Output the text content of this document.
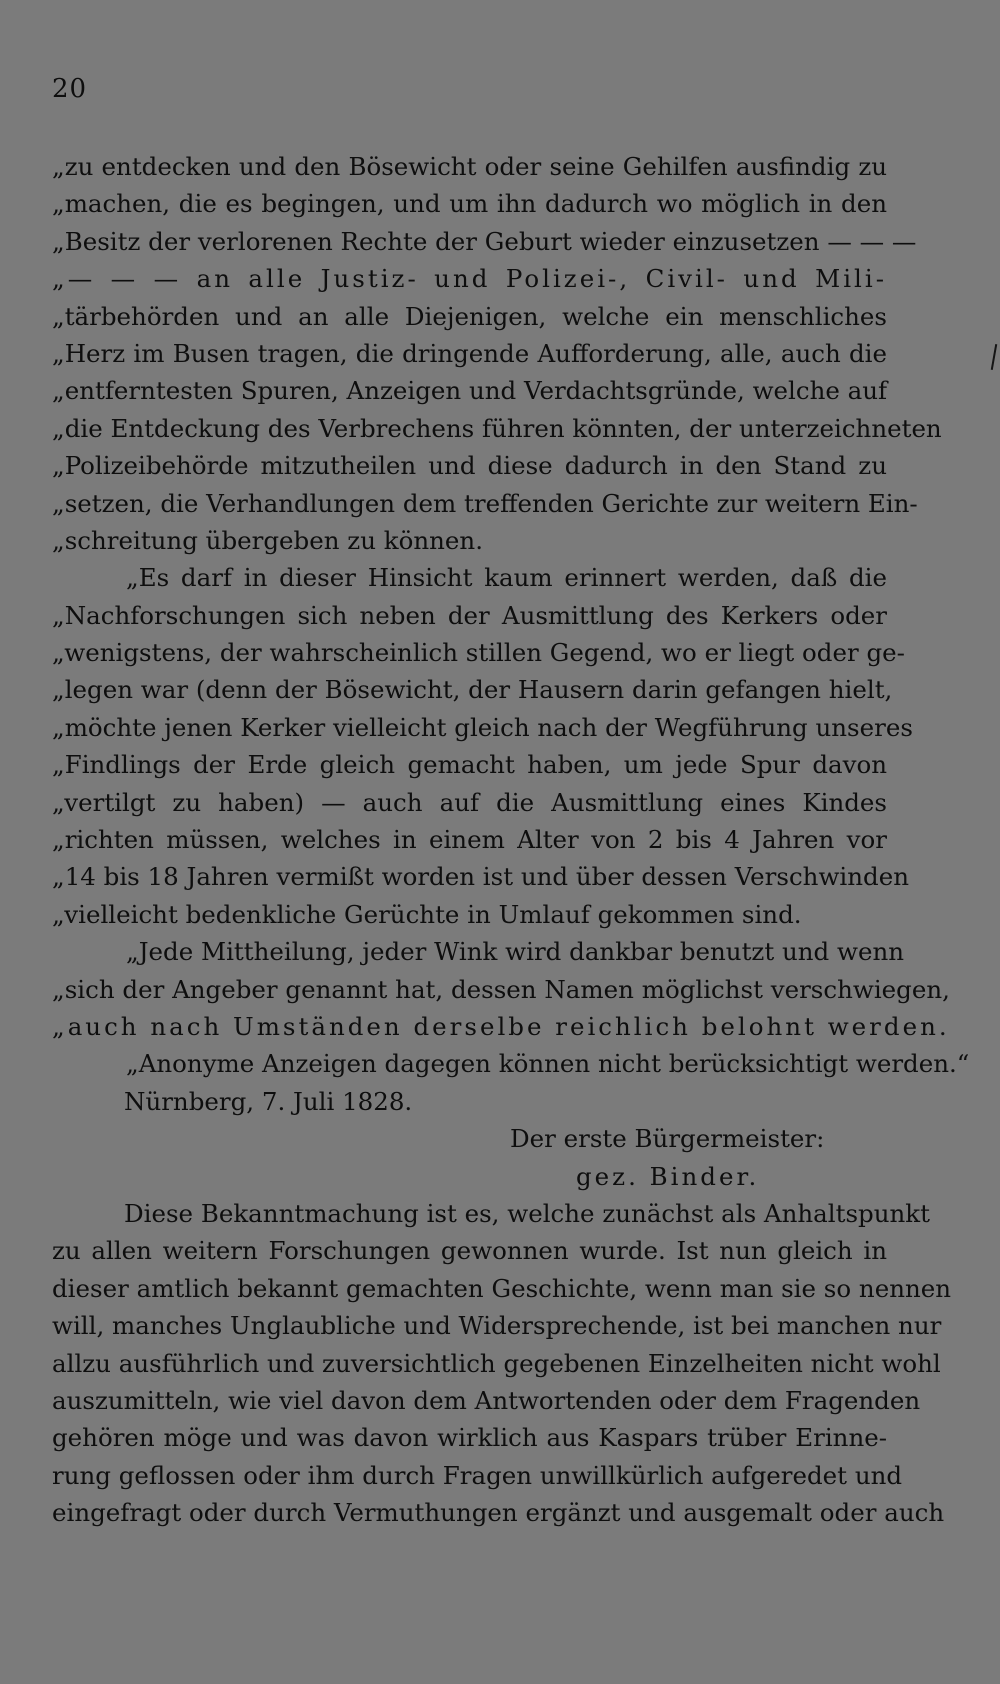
20
„zu entdecken und den Bösewicht oder seine Gehilfen ausfindig zu
„machen, die es begingen, und um ihn dadurch wo möglich in den
„Besitz der verlorenen Rechte der Geburt wieder einzusetzen — — —
„— — — an alle Justiz- und Polizei-, Civil- und Mili-
„tärbehörden und an alle Diejenigen, welche ein menschliches
„Herz im Busen tragen, die dringende Aufforderung, alle, auch die
„entferntesten Spuren, Anzeigen und Verdachtsgründe, welche auf
„die Entdeckung des Verbrechens führen könnten, der unterzeichneten
„Polizeibehörde mitzutheilen und diese dadurch in den Stand zu
„setzen, die Verhandlungen dem treffenden Gerichte zur weitern Ein-
„schreitung übergeben zu können.
„Es darf in dieser Hinsicht kaum erinnert werden, daß die
„Nachforschungen sich neben der Ausmittlung des Kerkers oder
„wenigstens, der wahrscheinlich stillen Gegend, wo er liegt oder ge-
„legen war (denn der Bösewicht, der Hausern darin gefangen hielt,
„möchte jenen Kerker vielleicht gleich nach der Wegführung unseres
„Findlings der Erde gleich gemacht haben, um jede Spur davon
„vertilgt zu haben) — auch auf die Ausmittlung eines Kindes
„richten müssen, welches in einem Alter von 2 bis 4 Jahren vor
„14 bis 18 Jahren vermißt worden ist und über dessen Verschwinden
„vielleicht bedenkliche Gerüchte in Umlauf gekommen sind.
„Jede Mittheilung, jeder Wink wird dankbar benutzt und wenn
„sich der Angeber genannt hat, dessen Namen möglichst verschwiegen,
„auch nach Umständen derselbe reichlich belohnt werden.
„Anonyme Anzeigen dagegen können nicht berücksichtigt werden.“
Nürnberg, 7. Juli 1828.
Der erste Bürgermeister:
gez. Binder.
Diese Bekanntmachung ist es, welche zunächst als Anhaltspunkt
zu allen weitern Forschungen gewonnen wurde. Ist nun gleich in
dieser amtlich bekannt gemachten Geschichte, wenn man sie so nennen
will, manches Unglaubliche und Widersprechende, ist bei manchen nur
allzu ausführlich und zuversichtlich gegebenen Einzelheiten nicht wohl
auszumitteln, wie viel davon dem Antwortenden oder dem Fragenden
gehören möge und was davon wirklich aus Kaspars trüber Erinne-
rung geflossen oder ihm durch Fragen unwillkürlich aufgeredet und
eingefragt oder durch Vermuthungen ergänzt und ausgemalt oder auch
